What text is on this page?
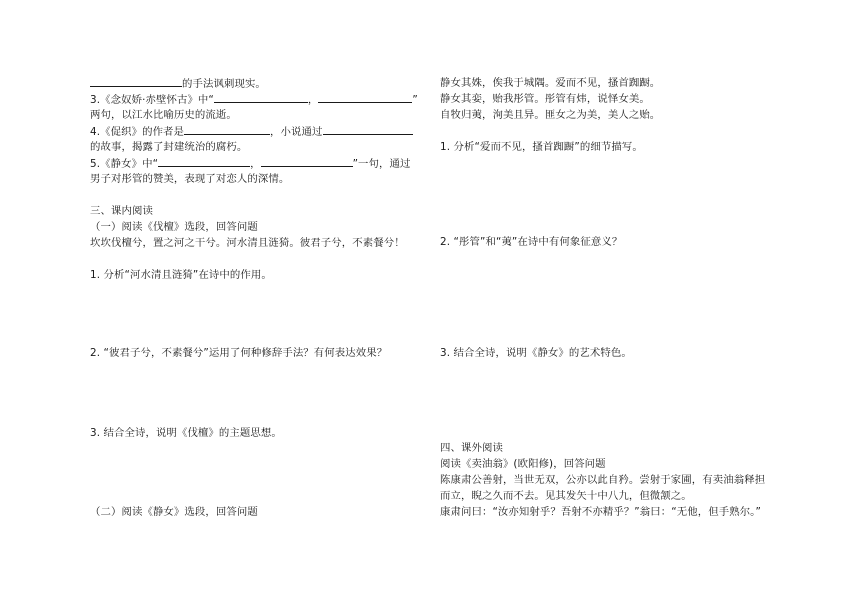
的手法讽刺现实。
3.《念奴娇·赤壁怀古》中“	，	”
两句，以江水比喻历史的流逝。
4.《促织》的作者是	，小说通过
的故事，揭露了封建统治的腐朽。
5.《静女》中“	，	”一句，通过
男子对彤管的赞美，表现了对恋人的深情。
三、课内阅读
（一）阅读《伐檀》选段，回答问题
坎坎伐檀兮，置之河之干兮。河水清且涟猗。彼君子兮，不素餐兮！
1. 分析“河水清且涟猗”在诗中的作用。
2. “彼君子兮，不素餐兮”运用了何种修辞手法？有何表达效果？
3. 结合全诗，说明《伐檀》的主题思想。
（二）阅读《静女》选段，回答问题
静女其姝，俟我于城隅。爱而不见，搔首踟蹰。
静女其娈，贻我彤管。彤管有炜，说怿女美。
自牧归荑，洵美且异。匪女之为美，美人之贻。
1. 分析“爱而不见，搔首踟蹰”的细节描写。
2. “彤管”和“荑”在诗中有何象征意义？
3. 结合全诗，说明《静女》的艺术特色。
四、课外阅读
阅读《卖油翁》(欧阳修)，回答问题
陈康肃公善射，当世无双，公亦以此自矜。尝射于家圃，有卖油翁释担
而立，睨之久而不去。见其发矢十中八九，但微颔之。
康肃问曰：“汝亦知射乎？吾射不亦精乎？”翁曰：“无他，但手熟尔。”
